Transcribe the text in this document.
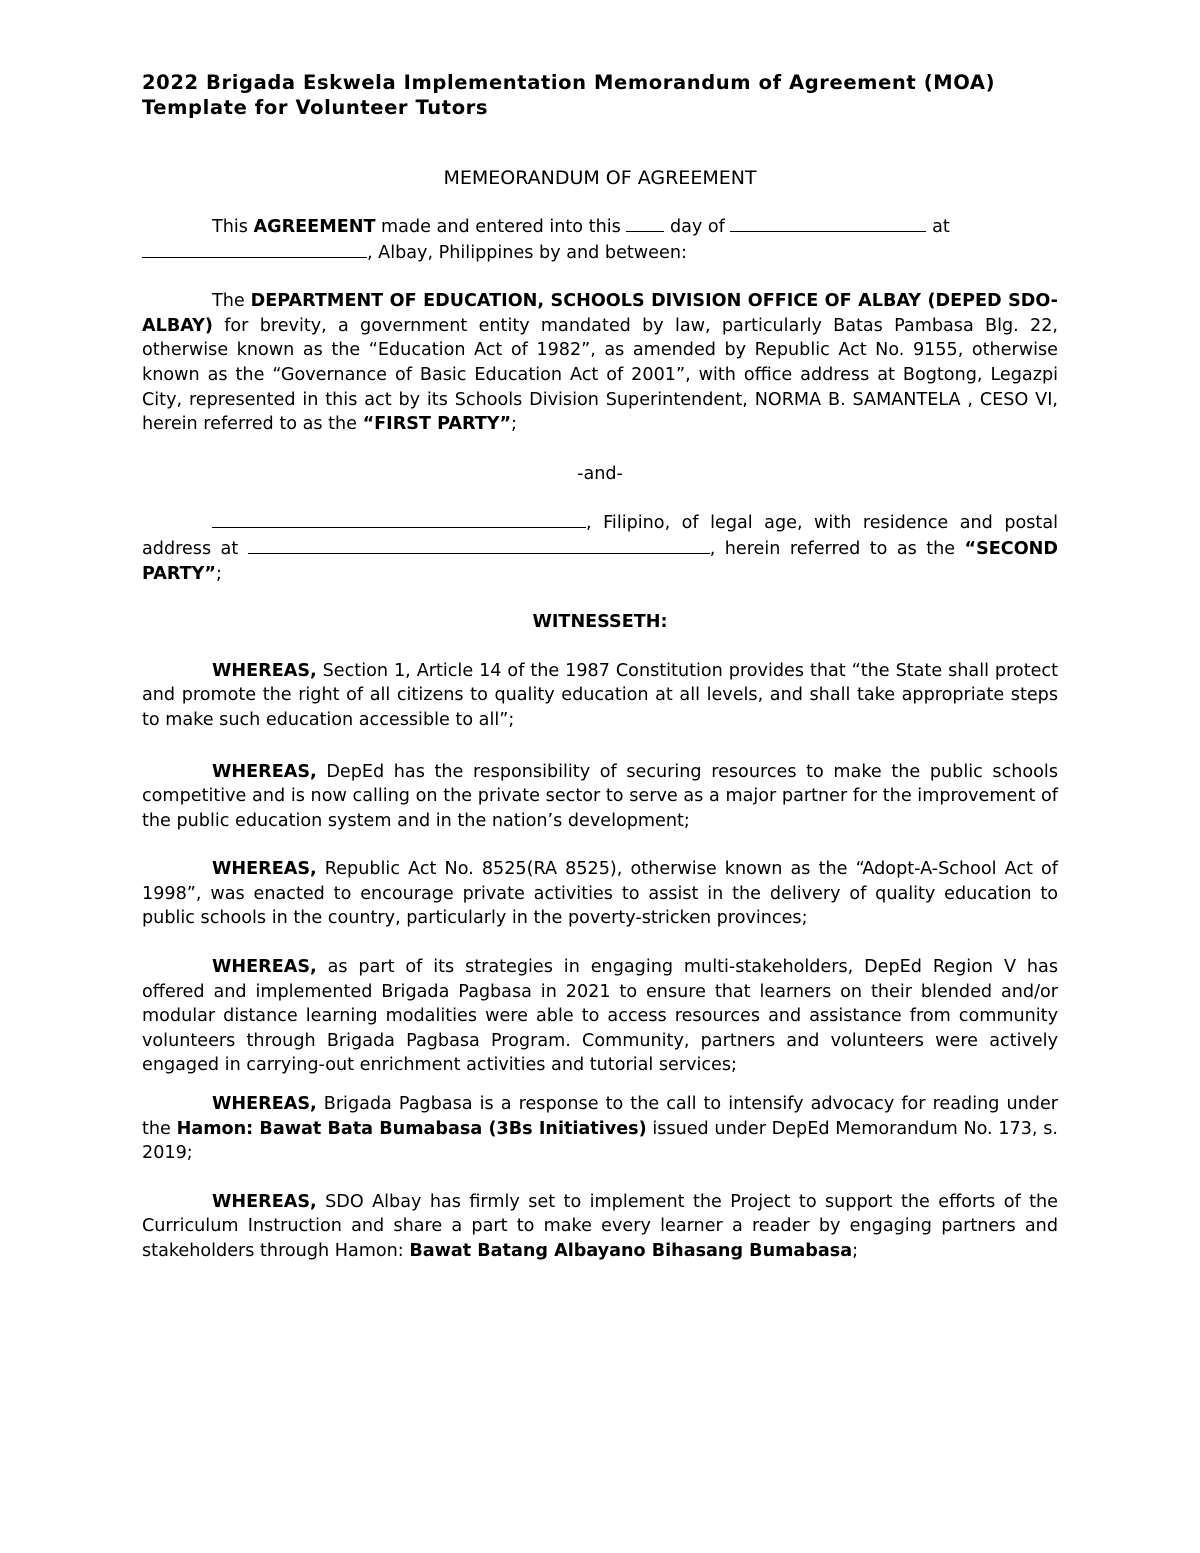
2022 Brigada Eskwela Implementation Memorandum of Agreement (MOA)
Template for Volunteer Tutors

MEMEORANDUM OF AGREEMENT

This AGREEMENT made and entered into this  day of	at
, Albay, Philippines by and between:

The DEPARTMENT OF EDUCATION, SCHOOLS DIVISION OFFICE OF ALBAY (DEPED SDO-ALBAY) for brevity, a government entity mandated by law, particularly Batas Pambasa Blg. 22, otherwise known as the “Education Act of 1982”, as amended by Republic Act No. 9155, otherwise known as the “Governance of Basic Education Act of 2001”, with office address at Bogtong, Legazpi City, represented in this act by its Schools Division Superintendent, NORMA B. SAMANTELA , CESO VI, herein referred to as the “FIRST PARTY”;

-and-

, Filipino, of legal age, with residence and postal address at	, herein referred to as the “SECOND PARTY”;

WITNESSETH:

WHEREAS, Section 1, Article 14 of the 1987 Constitution provides that “the State shall protect and promote the right of all citizens to quality education at all levels, and shall take appropriate steps to make such education accessible to all”;

WHEREAS, DepEd has the responsibility of securing resources to make the public schools competitive and is now calling on the private sector to serve as a major partner for the improvement of the public education system and in the nation’s development;

WHEREAS, Republic Act No. 8525(RA 8525), otherwise known as the “Adopt-A-School Act of 1998”, was enacted to encourage private activities to assist in the delivery of quality education to public schools in the country, particularly in the poverty-stricken provinces;

WHEREAS, as part of its strategies in engaging multi-stakeholders, DepEd Region V has offered and implemented Brigada Pagbasa in 2021 to ensure that learners on their blended and/or modular distance learning modalities were able to access resources and assistance from community volunteers through Brigada Pagbasa Program. Community, partners and volunteers were actively engaged in carrying-out enrichment activities and tutorial services;

WHEREAS, Brigada Pagbasa is a response to the call to intensify advocacy for reading under the Hamon: Bawat Bata Bumabasa (3Bs Initiatives) issued under DepEd Memorandum No. 173, s. 2019;

WHEREAS, SDO Albay has firmly set to implement the Project to support the efforts of the Curriculum Instruction and share a part to make every learner a reader by engaging partners and stakeholders through Hamon: Bawat Batang Albayano Bihasang Bumabasa;
